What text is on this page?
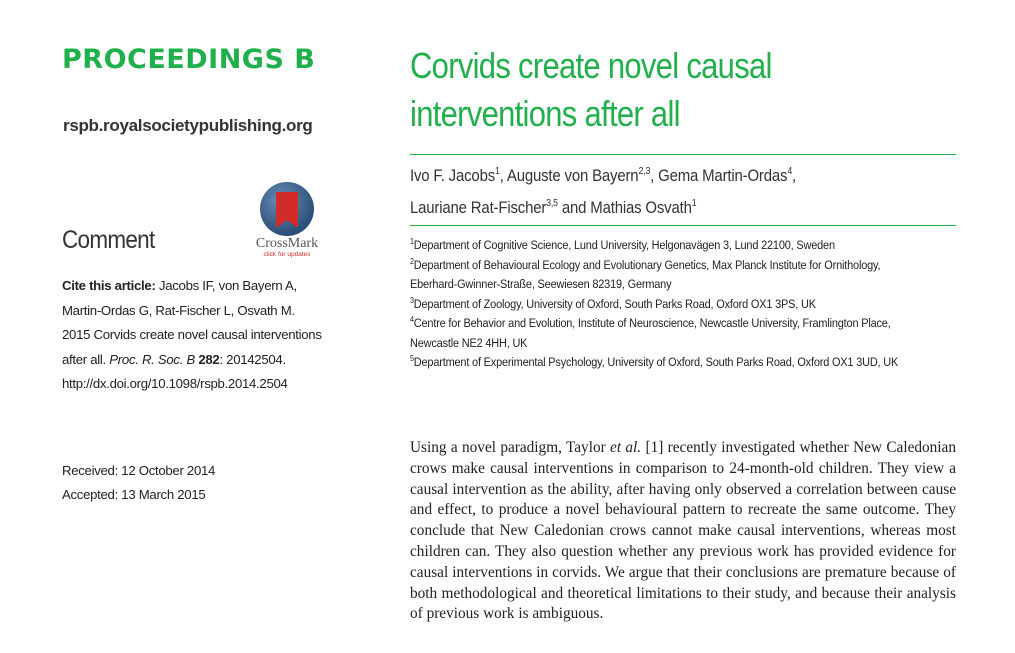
PROCEEDINGS B
rspb.royalsocietypublishing.org
CrossMark
click for updates
Comment
Cite this article: Jacobs IF, von Bayern A, Martin-Ordas G, Rat-Fischer L, Osvath M. 2015 Corvids create novel causal interventions after all. Proc. R. Soc. B 282: 20142504.
http://dx.doi.org/10.1098/rspb.2014.2504
Received: 12 October 2014
Accepted: 13 March 2015
Corvids create novel causal interventions after all
Ivo F. Jacobs$^1$, Auguste von Bayern$^{2,3}$, Gema Martin-Ordas$^4$,
Lauriane Rat-Fischer$^{3,5}$ and Mathias Osvath$^1$
$^1$Department of Cognitive Science, Lund University, Helgonavägen 3, Lund 22100, Sweden
$^2$Department of Behavioural Ecology and Evolutionary Genetics, Max Planck Institute for Ornithology,
Eberhard-Gwinner-Straße, Seewiesen 82319, Germany
$^3$Department of Zoology, University of Oxford, South Parks Road, Oxford OX1 3PS, UK
$^4$Centre for Behavior and Evolution, Institute of Neuroscience, Newcastle University, Framlington Place,
Newcastle NE2 4HH, UK
$^5$Department of Experimental Psychology, University of Oxford, South Parks Road, Oxford OX1 3UD, UK
Using a novel paradigm, Taylor et al. [1] recently investigated whether New Caledonian crows make causal interventions in comparison to 24-month-old children. They view a causal intervention as the ability, after having only observed a correlation between cause and effect, to produce a novel behavioural pattern to recreate the same outcome. They conclude that New Caledonian crows cannot make causal interventions, whereas most children can. They also question whether any previous work has provided evidence for causal interventions in corvids. We argue that their conclusions are premature because of both methodological and theoretical limitations to their study, and because their analysis of previous work is ambiguous.
